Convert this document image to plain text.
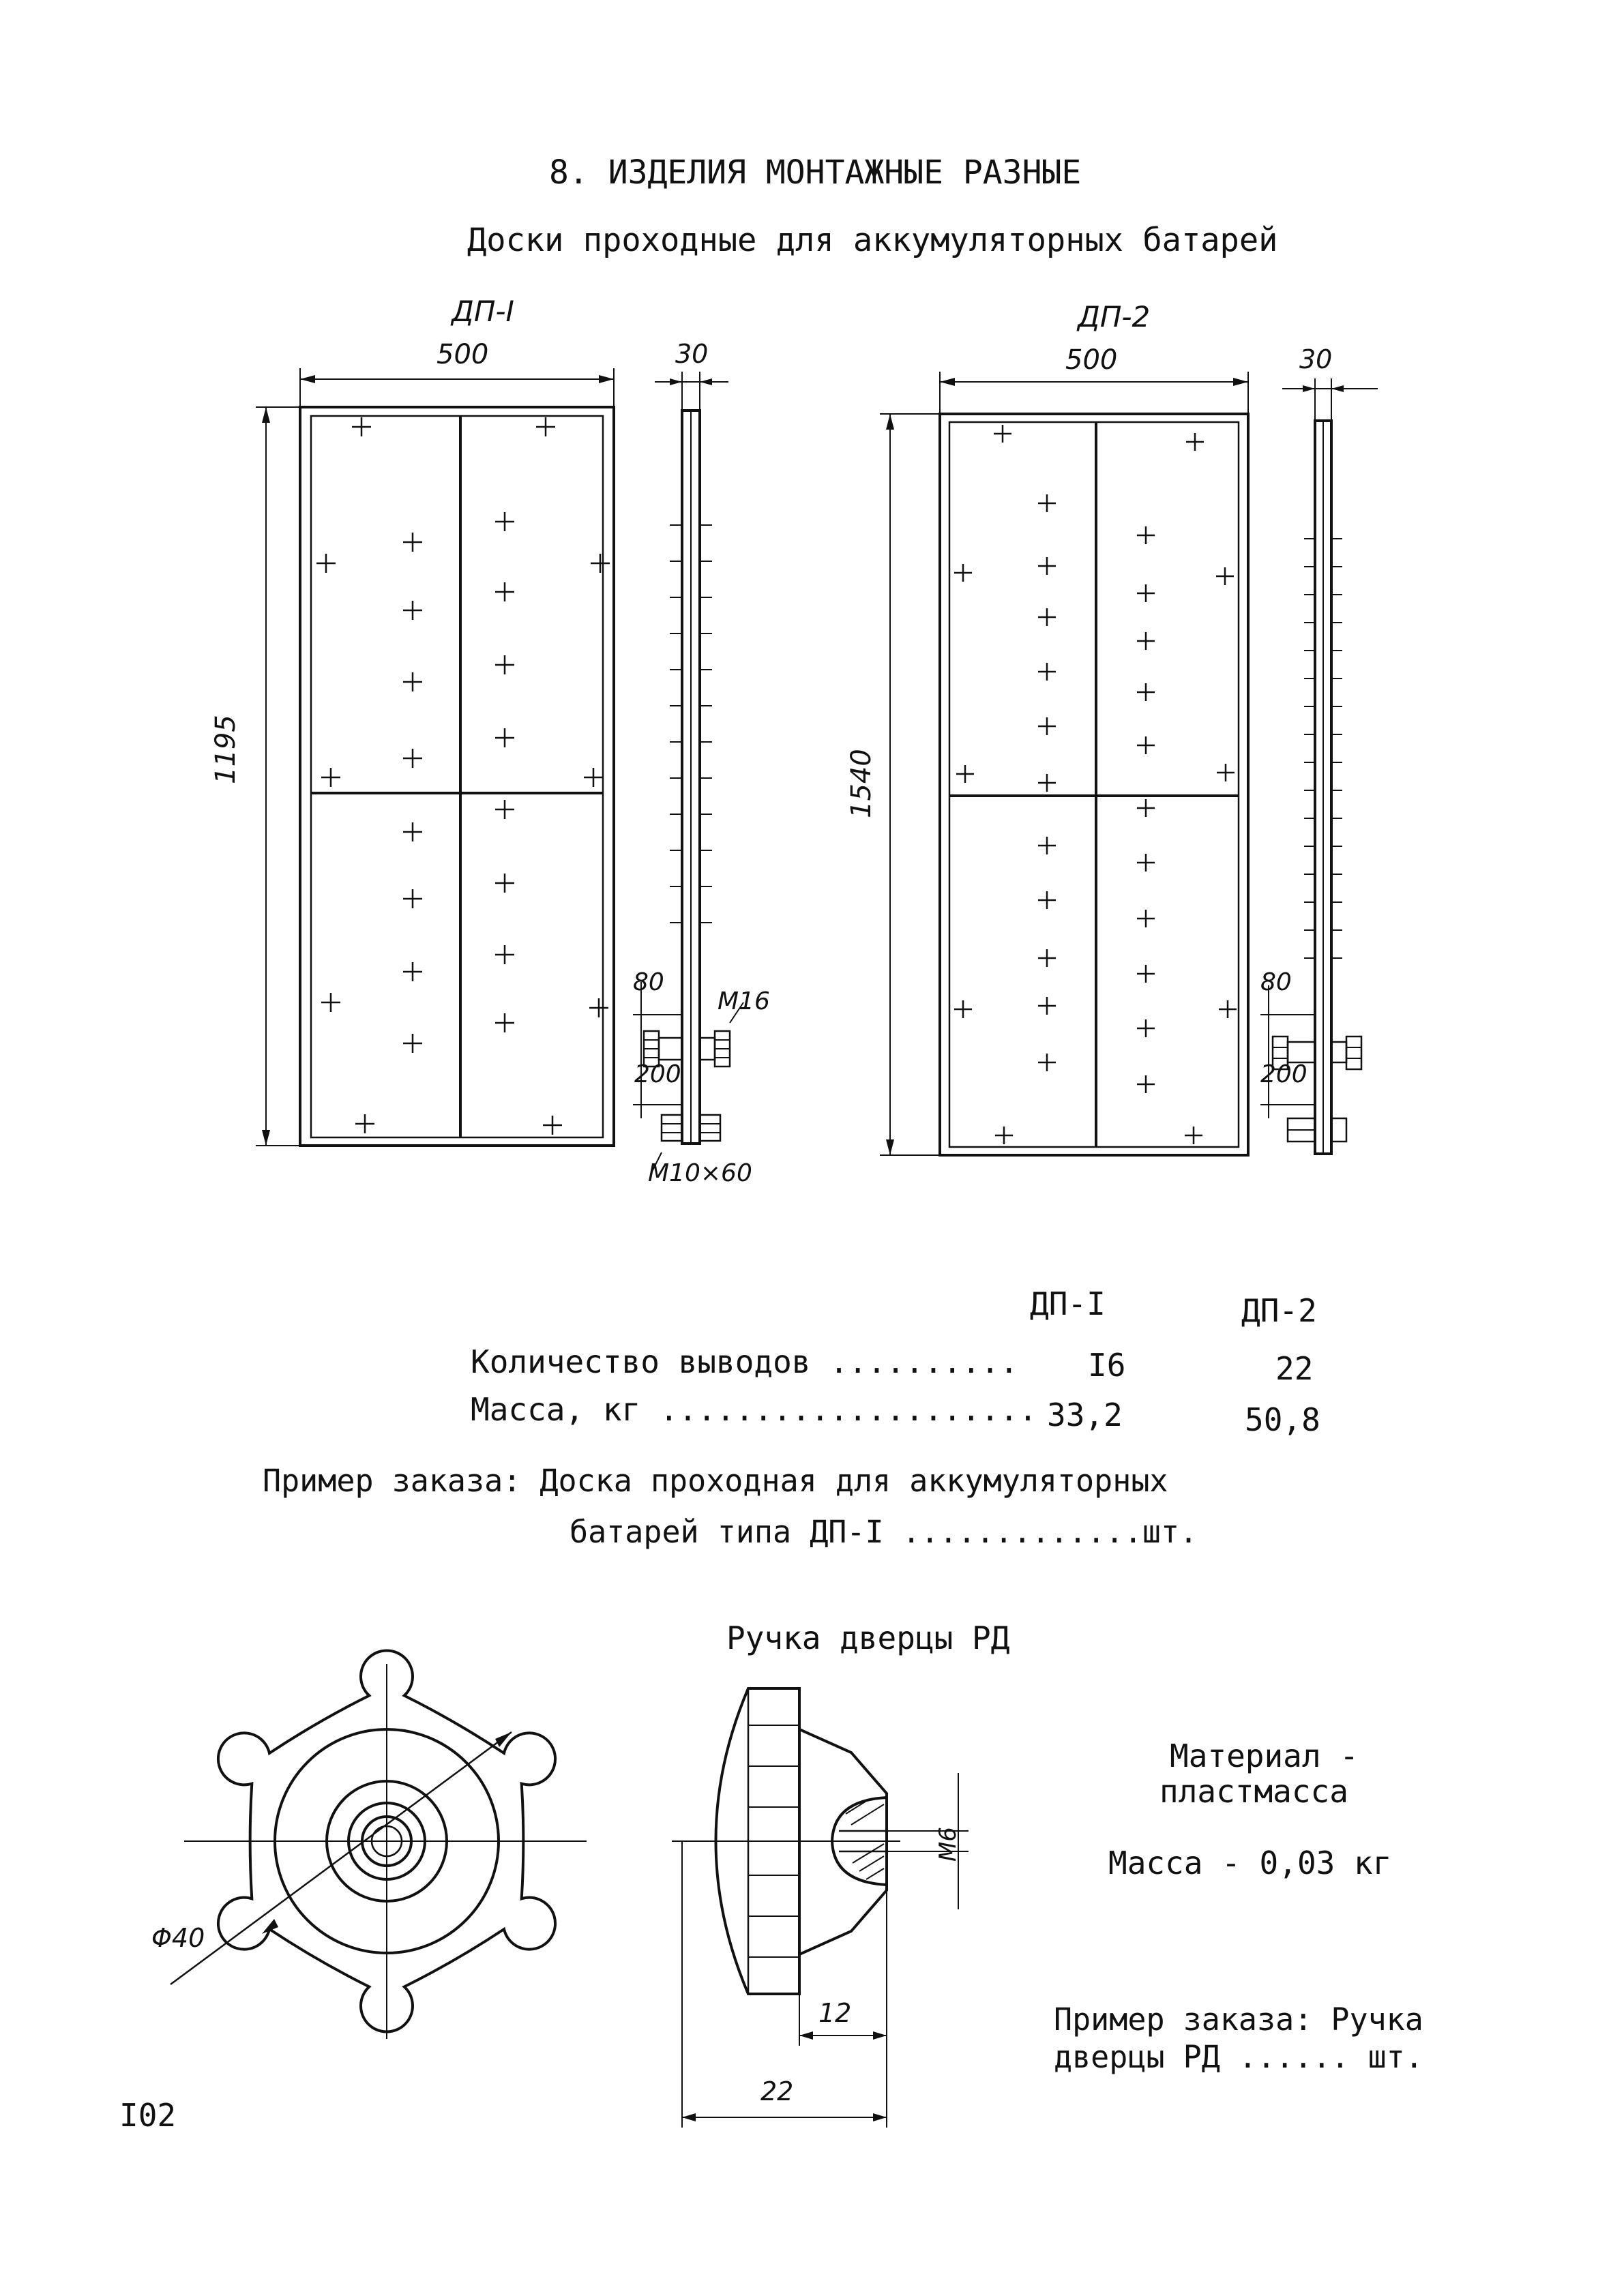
8. ИЗДЕЛИЯ МОНТАЖНЫЕ РАЗНЫЕ
Доски проходные для аккумуляторных батарей
ДП-I
500	30
1195
80
200
M16
M10×60
ДП-2
500	30
1540
80
200
ДП-I	ДП-2
Количество выводов .......... I6	22
Масса, кг .................... 33,2	50,8
Пример заказа: Доска проходная для аккумуляторных
батарей типа ДП-I .............шт.
Ручка дверцы РД
Φ40
M6
12
22
Материал -
пластмасса
Масса - 0,03 кг
Пример заказа: Ручка
дверцы РД ...... шт.
I02
